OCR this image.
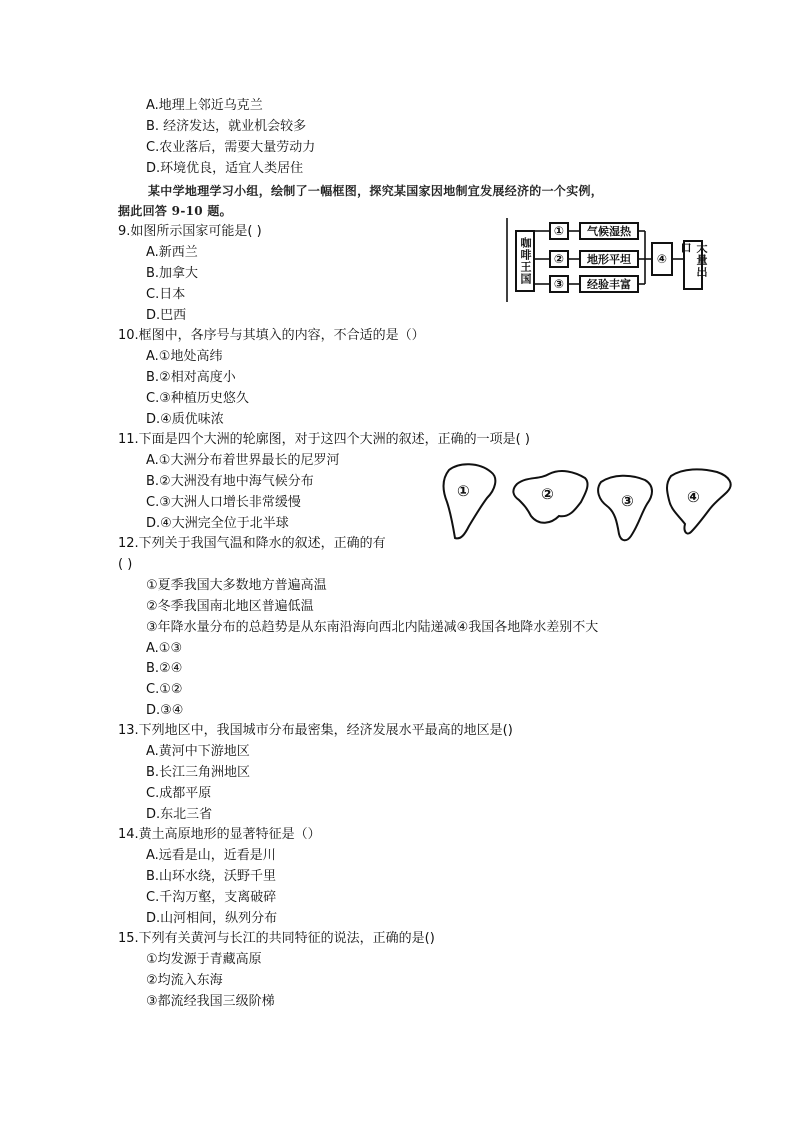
A.地理上邻近乌克兰
B. 经济发达，就业机会较多
C.农业落后，需要大量劳动力
D.环境优良，适宜人类居住
某中学地理学习小组，绘制了一幅框图，探究某国家因地制宜发展经济的一个实例，
据此回答 9-10 题。
9.如图所示国家可能是( )
A.新西兰
B.加拿大
C.日本
D.巴西
10.框图中，各序号与其填入的内容，不合适的是（）
A.①地处高纬
B.②相对高度小
C.③种植历史悠久
D.④质优味浓
11.下面是四个大洲的轮廓图，对于这四个大洲的叙述，正确的一项是( )
A.①大洲分布着世界最长的尼罗河
B.②大洲没有地中海气候分布
C.③大洲人口增长非常缓慢
D.④大洲完全位于北半球
12.下列关于我国气温和降水的叙述，正确的有
( )
①夏季我国大多数地方普遍高温
②冬季我国南北地区普遍低温
③年降水量分布的总趋势是从东南沿海向西北内陆递减④我国各地降水差别不大
A.①③
B.②④
C.①②
D.③④
13.下列地区中，我国城市分布最密集，经济发展水平最高的地区是()
A.黄河中下游地区
B.长江三角洲地区
C.成都平原
D.东北三省
14.黄土高原地形的显著特征是（）
A.远看是山，近看是川
B.山环水绕，沃野千里
C.千沟万壑，支离破碎
D.山河相间，纵列分布
15.下列有关黄河与长江的共同特征的说法，正确的是()
①均发源于青藏高原
②均流入东海
③都流经我国三级阶梯
咖啡王国
①
②
③
气候湿热
地形平坦
经验丰富
④	大量出口
①	②	③	④
